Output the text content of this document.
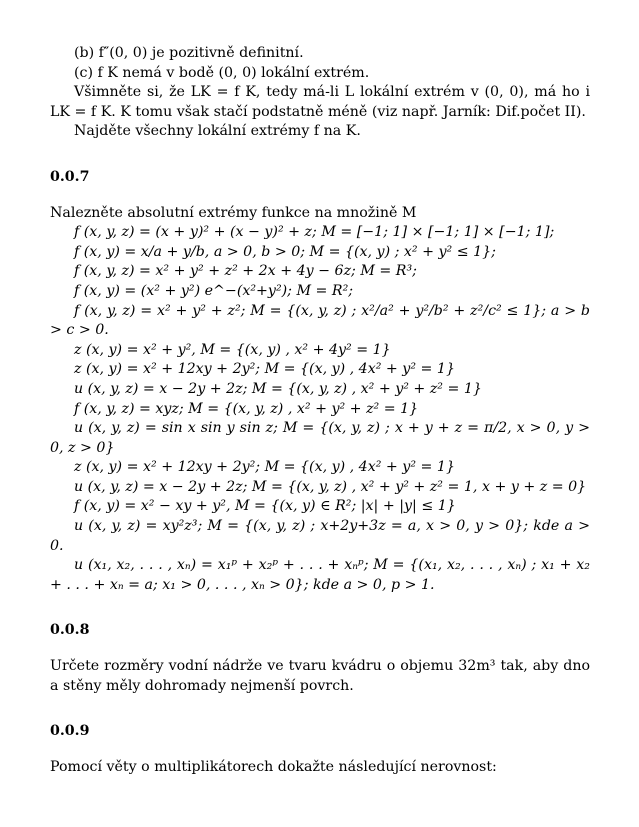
(b) f″(0, 0) je pozitivně definitní.

(c) f K nemá v bodě (0, 0) lokální extrém.

Všimněte si, že LK = f K, tedy má-li L lokální extrém v (0, 0), má ho i LK = f K. K tomu však stačí podstatně méně (viz např. Jarník: Dif.počet II).

Najděte všechny lokální extrémy f na K.

0.0.7

Nalezněte absolutní extrémy funkce na množině M

f (x, y, z) = (x + y)² + (x − y)² + z; M = [−1; 1] × [−1; 1] × [−1; 1];

f (x, y) = x/a + y/b, a > 0, b > 0; M = {(x, y) ; x² + y² ≤ 1};

f (x, y, z) = x² + y² + z² + 2x + 4y − 6z; M = R³;

f (x, y) = (x² + y²) e^−(x²+y²); M = R²;

f (x, y, z) = x² + y² + z²; M = {(x, y, z) ; x²/a² + y²/b² + z²/c² ≤ 1}; a > b > c > 0.

z (x, y) = x² + y², M = {(x, y) , x² + 4y² = 1}

z (x, y) = x² + 12xy + 2y²; M = {(x, y) , 4x² + y² = 1}

u (x, y, z) = x − 2y + 2z; M = {(x, y, z) , x² + y² + z² = 1}

f (x, y, z) = xyz; M = {(x, y, z) , x² + y² + z² = 1}

u (x, y, z) = sin x sin y sin z; M = {(x, y, z) ; x + y + z = π/2, x > 0, y > 0, z > 0}

z (x, y) = x² + 12xy + 2y²; M = {(x, y) , 4x² + y² = 1}

u (x, y, z) = x − 2y + 2z; M = {(x, y, z) , x² + y² + z² = 1, x + y + z = 0}

f (x, y) = x² − xy + y², M = {(x, y) ∈ R²; |x| + |y| ≤ 1}

u (x, y, z) = xy²z³; M = {(x, y, z) ; x+2y+3z = a, x > 0, y > 0}; kde a > 0.

u (x₁, x₂, . . . , xₙ) = x₁ᵖ + x₂ᵖ + . . . + xₙᵖ; M = {(x₁, x₂, . . . , xₙ) ; x₁ + x₂ + . . . + xₙ = a; x₁ > 0, . . . , xₙ > 0}; kde a > 0, p > 1.

0.0.8

Určete rozměry vodní nádrže ve tvaru kvádru o objemu 32m³ tak, aby dno a stěny měly dohromady nejmenší povrch.

0.0.9

Pomocí věty o multiplikátorech dokažte následující nerovnost:
